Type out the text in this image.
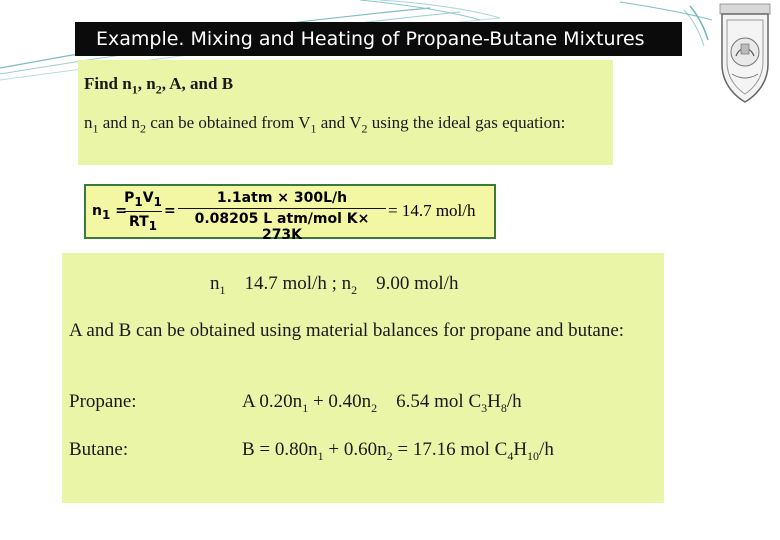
Example. Mixing and Heating of Propane-Butane Mixtures
Find $n_1$, $n_2$, A, and B
$n_1$ and $n_2$ can be obtained from $V_1$ and $V_2$ using the ideal gas equation:
$n_1$ =
$P_1V_1$
$RT_1$
=
1.1atm × 300L/h
0.08205 L atm/mol K× 273K
= 14.7 mol/h
$n_1$    14.7 mol/h ; $n_2$    9.00 mol/h
A and B can be obtained using material balances for propane and butane:
Propane:	A $0.20n_1 + 0.40n_2$    6.54 mol $C_3H_8/h$
Butane:	$B = 0.80n_1 + 0.60n_2 = 17.16$ mol $C_4H_{10}/h$
